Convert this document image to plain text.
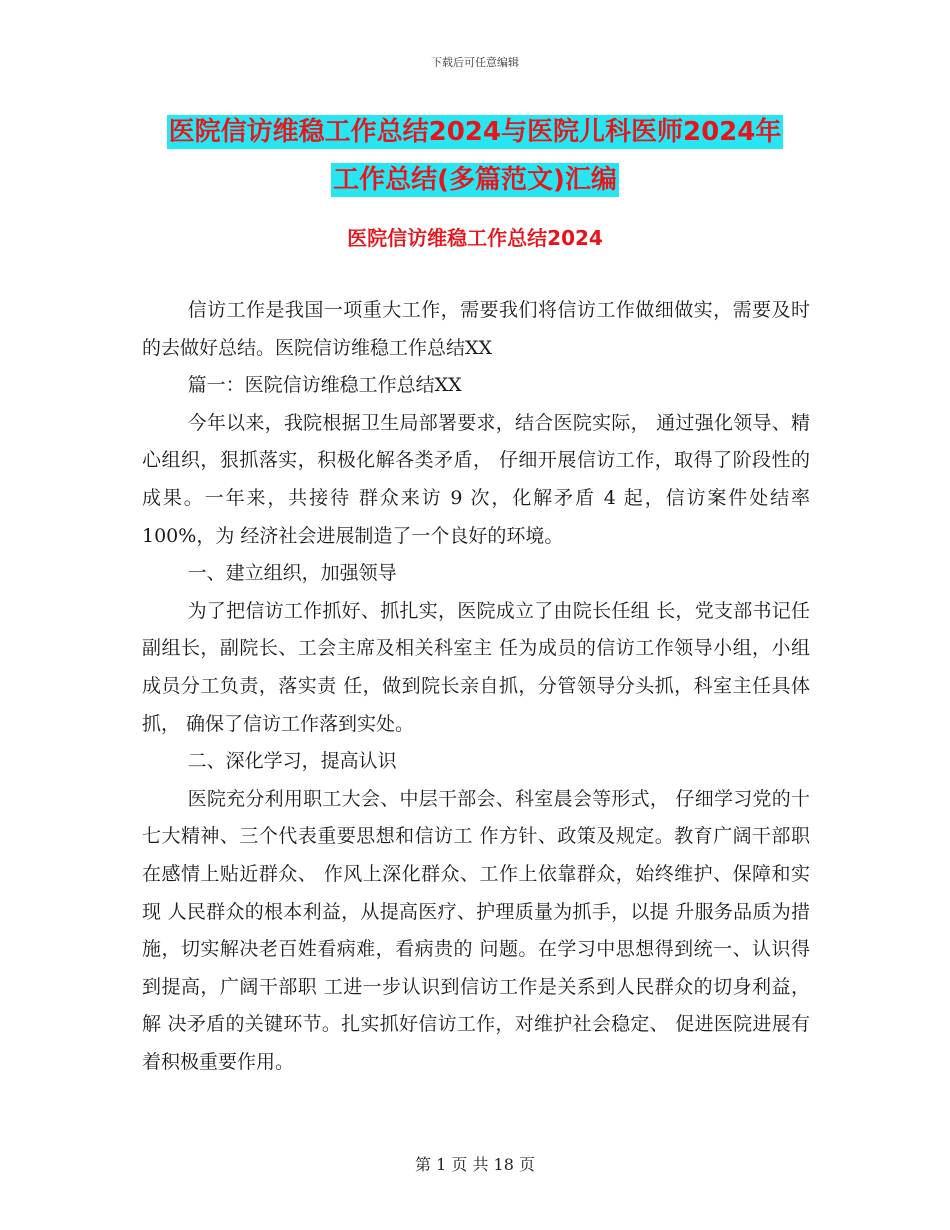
下载后可任意编辑
医院信访维稳工作总结2024与医院儿科医师2024年
工作总结(多篇范文)汇编
医院信访维稳工作总结2024

信访工作是我国一项重大工作，需要我们将信访工作做细做实，需要及时的去做好总结。医院信访维稳工作总结XX

篇一：医院信访维稳工作总结XX

今年以来，我院根据卫生局部署要求，结合医院实际， 通过强化领导、精心组织，狠抓落实，积极化解各类矛盾， 仔细开展信访工作，取得了阶段性的成果。一年来，共接待 群众来访 9 次，化解矛盾 4 起，信访案件处结率 100%，为 经济社会进展制造了一个良好的环境。

一、建立组织，加强领导

为了把信访工作抓好、抓扎实，医院成立了由院长任组 长，党支部书记任副组长，副院长、工会主席及相关科室主 任为成员的信访工作领导小组，小组成员分工负责，落实责 任，做到院长亲自抓，分管领导分头抓，科室主任具体抓， 确保了信访工作落到实处。

二、深化学习，提高认识

医院充分利用职工大会、中层干部会、科室晨会等形式， 仔细学习党的十七大精神、三个代表重要思想和信访工 作方针、政策及规定。教育广阔干部职在感情上贴近群众、 作风上深化群众、工作上依靠群众，始终维护、保障和实现 人民群众的根本利益，从提高医疗、护理质量为抓手，以提 升服务品质为措施，切实解决老百姓看病难，看病贵的 问题。在学习中思想得到统一、认识得到提高，广阔干部职 工进一步认识到信访工作是关系到人民群众的切身利益，解 决矛盾的关键环节。扎实抓好信访工作，对维护社会稳定、 促进医院进展有着积极重要作用。

第 1 页 共 18 页
